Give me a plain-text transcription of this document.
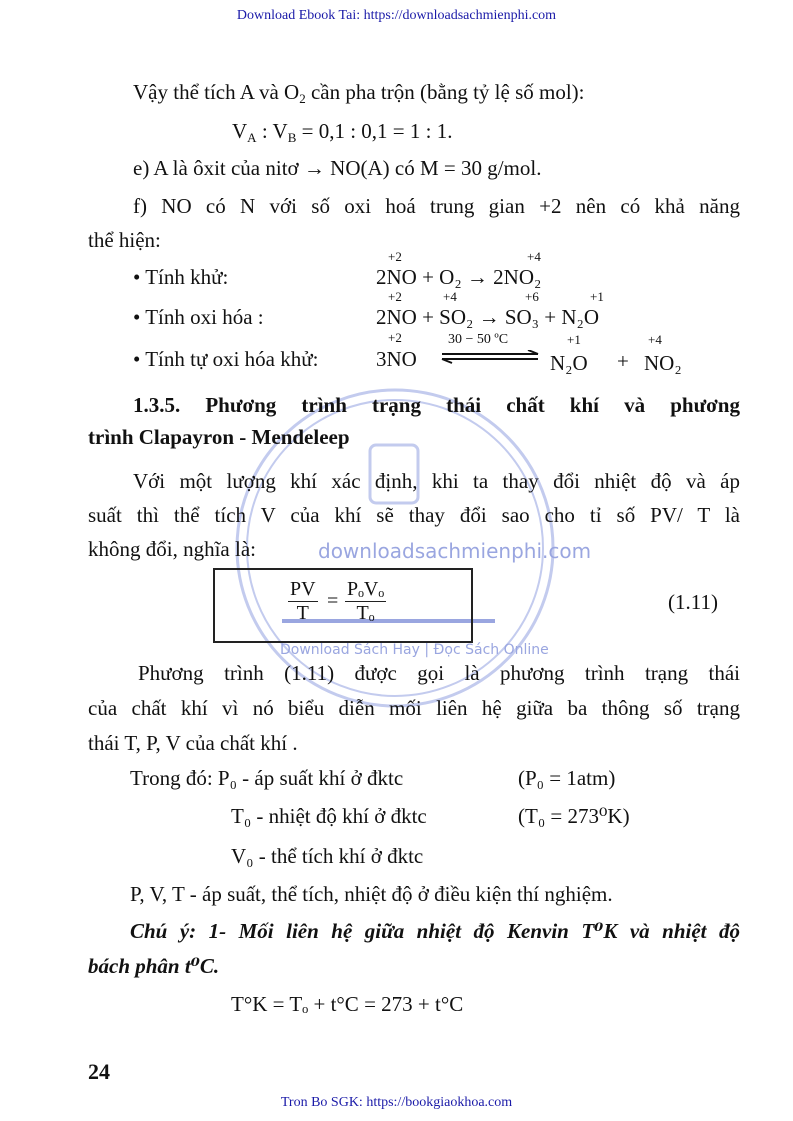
downloadsachmienphi.com
Download Sách Hay | Đọc Sách Online
Download Ebook Tai: https://downloadsachmienphi.com
Vậy thể tích A và $O_2$ cần pha trộn (bằng tỷ lệ số mol):
$V_A$ : $V_B = 0,1$ : 0,1 = 1 : 1.
e) A là ôxit của nitơ → NO(A) có M = 30 g/mol.
f) NO có N với số oxi hoá trung gian +2 nên có khả năng
thể hiện:
• Tính khử:	2NO + O₂ → 2NO₂
+2	+4
• Tính oxi hóa :	2NO + SO₂ → SO₃ + N₂O
+2	+4	+6	+1
• Tính tự oxi hóa khử:	3NO
+2	30 − 50 ºC
N₂O + NO₂
+1	+4
1.3.5. Phương trình trạng thái chất khí và phương
trình Clapayron - Mendeleep
Với một lượng khí xác định, khi ta thay đổi nhiệt độ và áp
suất thì thể tích V của khí sẽ thay đổi sao cho tỉ số PV/ T là
không đổi, nghĩa là:
$\frac{PV}{T}$ =
PₒVₒ
Tₒ	(1.11)
Phương trình (1.11) được gọi là phương trình trạng thái
của chất khí vì nó biểu diễn mối liên hệ giữa ba thông số trạng
thái T, P, V của chất khí .
Trong đó: P₀ - áp suất khí ở đktc	(P₀ = 1atm)
T₀ - nhiệt độ khí ở đktc	(T₀ = 273⁰K)
V₀ - thể tích khí ở đktc
P, V, T - áp suất, thể tích, nhiệt độ ở điều kiện thí nghiệm.
Chú ý: 1- Mối liên hệ giữa nhiệt độ Kenvin T⁰K và nhiệt độ
bách phân t⁰C.
T°K = Tₒ + t°C = 273 + t°C
24
Tron Bo SGK: https://bookgiaokhoa.com
